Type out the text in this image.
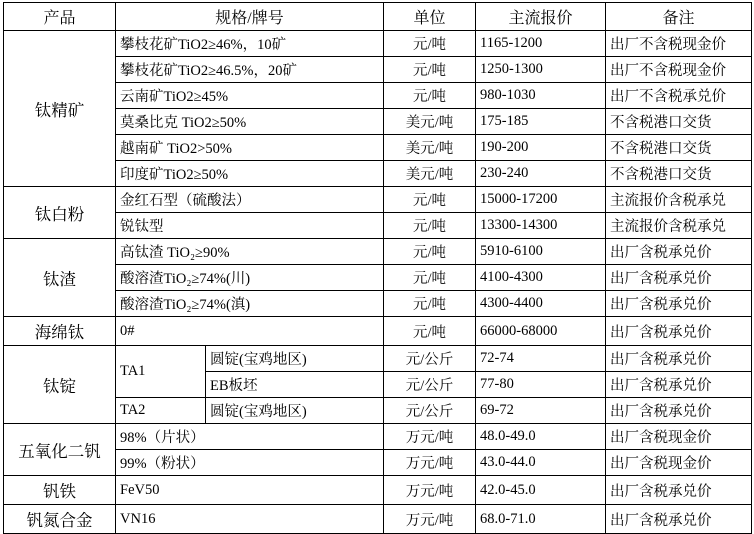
产品	规格/牌号		单位	主流报价	备注
钛精矿	攀枝花矿TiO2≥46%，10矿		元/吨	1165-1200	出厂不含税现金价
	攀枝花矿TiO2≥46.5%，20矿		元/吨	1250-1300	出厂不含税现金价
	云南矿TiO2≥45%		元/吨	980-1030	出厂不含税承兑价
	莫桑比克 TiO2≥50%		美元/吨	175-185	不含税港口交货
	越南矿 TiO2>50%		美元/吨	190-200	不含税港口交货
	印度矿TiO2≥50%		美元/吨	230-240	不含税港口交货
钛白粉	金红石型（硫酸法）		元/吨	15000-17200	主流报价含税承兑
	锐钛型		元/吨	13300-14300	主流报价含税承兑
钛渣	高钛渣 TiO₂≥90%		元/吨	5910-6100	出厂含税承兑价
	酸溶渣TiO₂≥74%(川)		元/吨	4100-4300	出厂含税承兑价
	酸溶渣TiO₂≥74%(滇)		元/吨	4300-4400	出厂含税承兑价
海绵钛	0#		元/吨	66000-68000	出厂含税承兑价
钛锭	TA1	圆锭(宝鸡地区)	元/公斤	72-74	出厂含税承兑价
		EB板坯	元/公斤	77-80	出厂含税承兑价
	TA2	圆锭(宝鸡地区)	元/公斤	69-72	出厂含税承兑价
五氧化二钒	98%（片状）		万元/吨	48.0-49.0	出厂含税现金价
	99%（粉状）		万元/吨	43.0-44.0	出厂含税现金价
钒铁	FeV50		万元/吨	42.0-45.0	出厂含税承兑价
钒氮合金	VN16		万元/吨	68.0-71.0	出厂含税承兑价
